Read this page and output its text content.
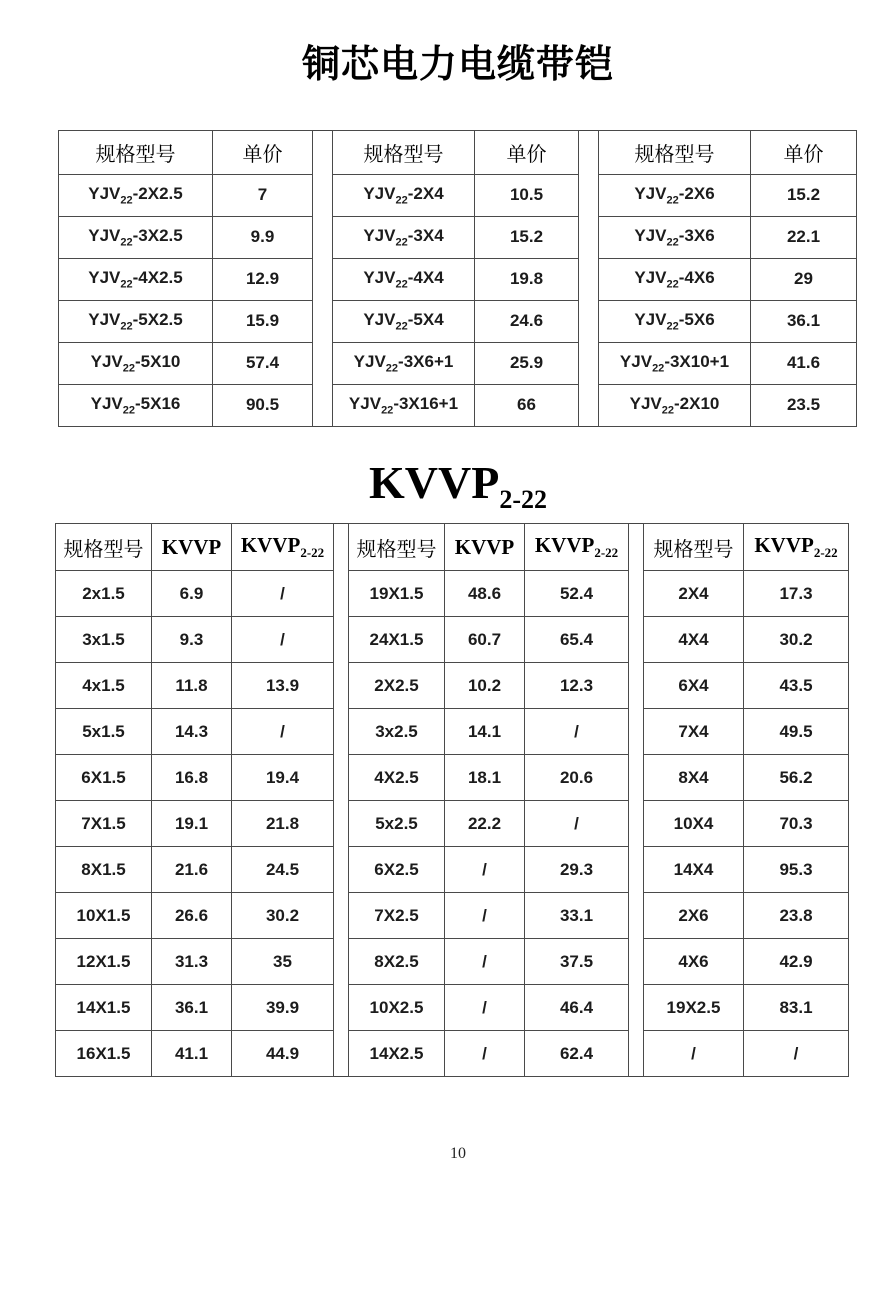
铜芯电力电缆带铠
规格型号	单价
$YJV_{22}-2X2.5$	7
$YJV_{22}-3X2.5$	9.9
$YJV_{22}-4X2.5$	12.9
$YJV_{22}-5X2.5$	15.9
$YJV_{22}-5X10$	57.4
$YJV_{22}-5X16$	90.5
规格型号	单价
$YJV_{22}-2X4$	10.5
$YJV_{22}-3X4$	15.2
$YJV_{22}-4X4$	19.8
$YJV_{22}-5X4$	24.6
$YJV_{22}-3X6+1$	25.9
$YJV_{22}-3X16+1$	66
规格型号	单价
$YJV_{22}-2X6$	15.2
$YJV_{22}-3X6$	22.1
$YJV_{22}-4X6$	29
$YJV_{22}-5X6$	36.1
$YJV_{22}-3X10+1$	41.6
$YJV_{22}-2X10$	23.5
$KVVP_{2-22}$
规格型号	KVVP	$KVVP_{2-22}$
2x1.5	6.9	/
3x1.5	9.3	/
4x1.5	11.8	13.9
5x1.5	14.3	/
6X1.5	16.8	19.4
7X1.5	19.1	21.8
8X1.5	21.6	24.5
10X1.5	26.6	30.2
12X1.5	31.3	35
14X1.5	36.1	39.9
16X1.5	41.1	44.9
规格型号	KVVP	$KVVP_{2-22}$
19X1.5	48.6	52.4
24X1.5	60.7	65.4
2X2.5	10.2	12.3
3x2.5	14.1	/
4X2.5	18.1	20.6
5x2.5	22.2	/
6X2.5	/	29.3
7X2.5	/	33.1
8X2.5	/	37.5
10X2.5	/	46.4
14X2.5	/	62.4
规格型号	$KVVP_{2-22}$
2X4	17.3
4X4	30.2
6X4	43.5
7X4	49.5
8X4	56.2
10X4	70.3
14X4	95.3
2X6	23.8
4X6	42.9
19X2.5	83.1
/	/
10
